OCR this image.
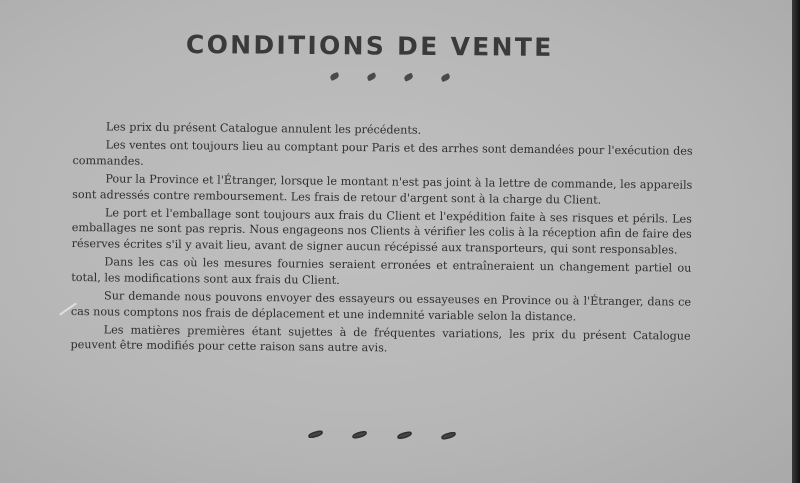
CONDITIONS DE VENTE

Les prix du présent Catalogue annulent les précédents.

Les ventes ont toujours lieu au comptant pour Paris et des arrhes sont demandées pour l'exécution des commandes.

Pour la Province et l'Étranger, lorsque le montant n'est pas joint à la lettre de commande, les appareils sont adressés contre remboursement. Les frais de retour d'argent sont à la charge du Client.

Le port et l'emballage sont toujours aux frais du Client et l'expédition faite à ses risques et périls. Les emballages ne sont pas repris. Nous engageons nos Clients à vérifier les colis à la réception afin de faire des réserves écrites s'il y avait lieu, avant de signer aucun récépissé aux transporteurs, qui sont responsables.

Dans les cas où les mesures fournies seraient erronées et entraîneraient un changement partiel ou total, les modifications sont aux frais du Client.

Sur demande nous pouvons envoyer des essayeurs ou essayeuses en Province ou à l'Étranger, dans ce cas nous comptons nos frais de déplacement et une indemnité variable selon la distance.

Les matières premières étant sujettes à de fréquentes variations, les prix du présent Catalogue peuvent être modifiés pour cette raison sans autre avis.
